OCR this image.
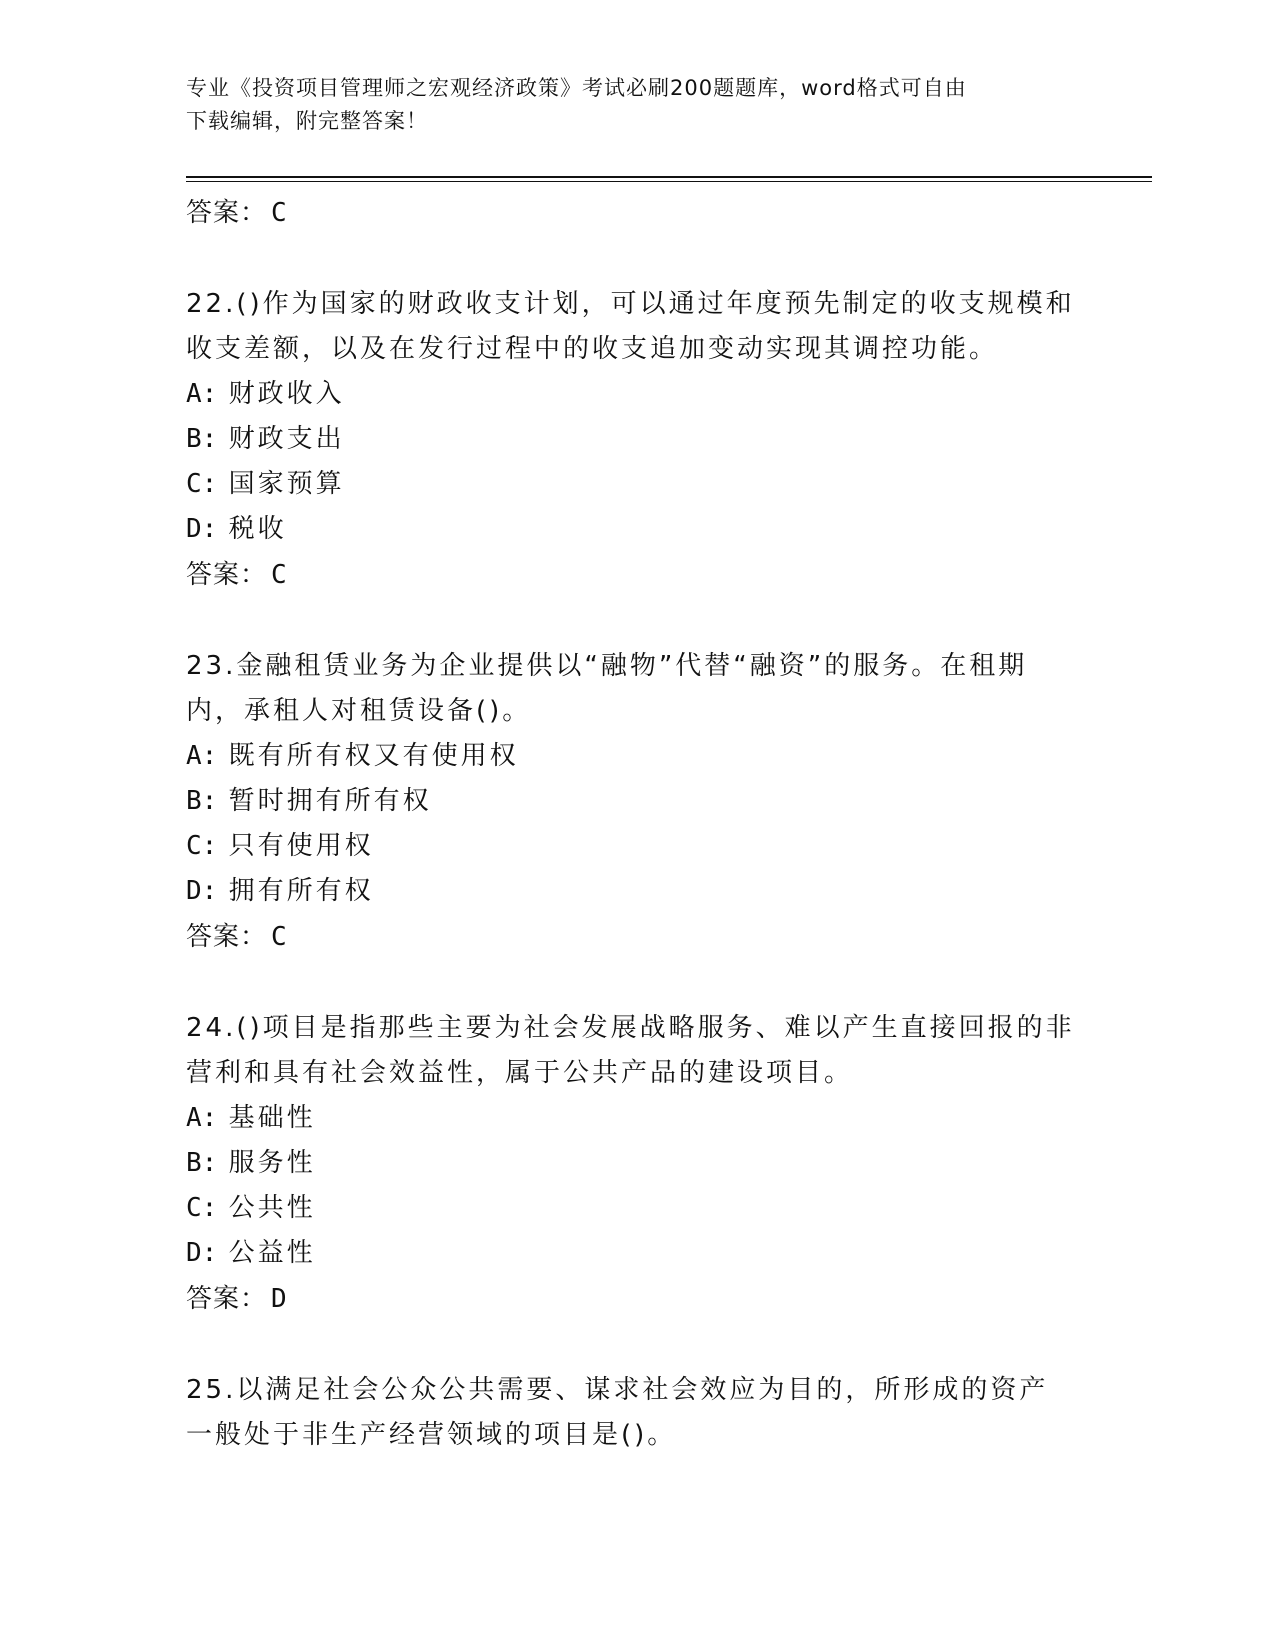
专业《投资项目管理师之宏观经济政策》考试必刷200题题库，word格式可自由
下载编辑，附完整答案！
答案： C

22.()作为国家的财政收支计划，可以通过年度预先制定的收支规模和收支差额，以及在发行过程中的收支追加变动实现其调控功能。

A: 财政收入
B: 财政支出
C: 国家预算
D: 税收
答案： C

23.金融租赁业务为企业提供以“融物”代替“融资”的服务。在租期内，承租人对租赁设备()。

A: 既有所有权又有使用权
B: 暂时拥有所有权
C: 只有使用权
D: 拥有所有权
答案： C

24.()项目是指那些主要为社会发展战略服务、难以产生直接回报的非营利和具有社会效益性，属于公共产品的建设项目。

A: 基础性
B: 服务性
C: 公共性
D: 公益性
答案： D

25.以满足社会公众公共需要、谋求社会效应为目的，所形成的资产一般处于非生产经营领域的项目是()。
